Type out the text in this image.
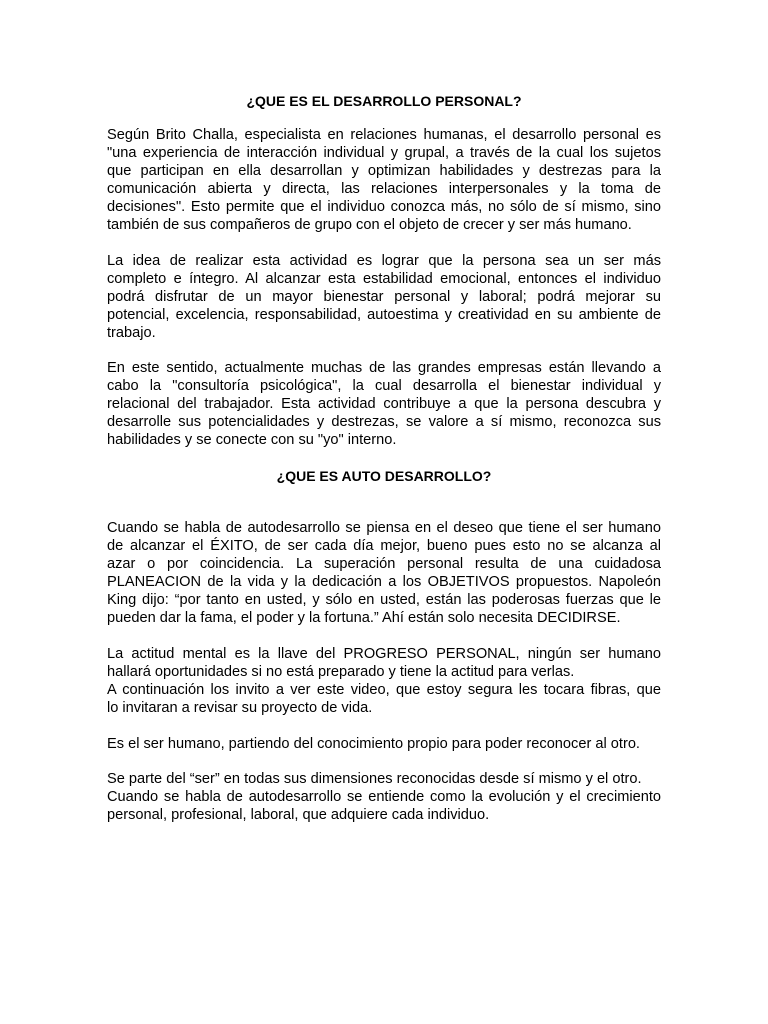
¿QUE ES EL DESARROLLO PERSONAL?
Según Brito Challa, especialista en relaciones humanas, el desarrollo personal es
"una experiencia de interacción individual y grupal, a través de la cual los sujetos
que participan en ella desarrollan y optimizan habilidades y destrezas para la
comunicación abierta y directa, las relaciones interpersonales y la toma de
decisiones". Esto permite que el individuo conozca más, no sólo de sí mismo, sino
también de sus compañeros de grupo con el objeto de crecer y ser más humano.
La idea de realizar esta actividad es lograr que la persona sea un ser más
completo e íntegro. Al alcanzar esta estabilidad emocional, entonces el individuo
podrá disfrutar de un mayor bienestar personal y laboral; podrá mejorar su
potencial, excelencia, responsabilidad, autoestima y creatividad en su ambiente de
trabajo.
En este sentido, actualmente muchas de las grandes empresas están llevando a
cabo la "consultoría psicológica", la cual desarrolla el bienestar individual y
relacional del trabajador. Esta actividad contribuye a que la persona descubra y
desarrolle sus potencialidades y destrezas, se valore a sí mismo, reconozca sus
habilidades y se conecte con su "yo" interno.
¿QUE ES AUTO DESARROLLO?
Cuando se habla de autodesarrollo se piensa en el deseo que tiene el ser humano
de alcanzar el ÉXITO, de ser cada día mejor, bueno pues esto no se alcanza al
azar o por coincidencia. La superación personal resulta de una cuidadosa
PLANEACION de la vida y la dedicación a los OBJETIVOS propuestos. Napoleón
King dijo: “por tanto en usted, y sólo en usted, están las poderosas fuerzas que le
pueden dar la fama, el poder y la fortuna.” Ahí están solo necesita DECIDIRSE.
La actitud mental es la llave del PROGRESO PERSONAL, ningún ser humano
hallará oportunidades si no está preparado y tiene la actitud para verlas.
A continuación los invito a ver este video, que estoy segura les tocara fibras, que
lo invitaran a revisar su proyecto de vida.
Es el ser humano, partiendo del conocimiento propio para poder reconocer al otro.
Se parte del “ser” en todas sus dimensiones reconocidas desde sí mismo y el otro.
Cuando se habla de autodesarrollo se entiende como la evolución y el crecimiento
personal, profesional, laboral, que adquiere cada individuo.
